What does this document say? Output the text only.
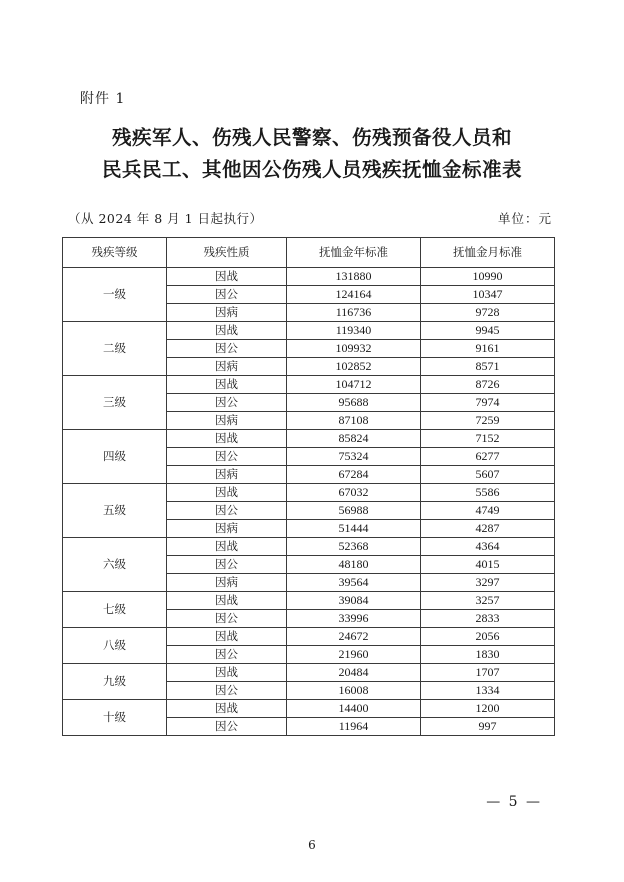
附件 1
残疾军人、伤残人民警察、伤残预备役人员和
民兵民工、其他因公伤残人员残疾抚恤金标准表
（从 2024 年 8 月 1 日起执行）	单位：元
残疾等级	残疾性质	抚恤金年标准	抚恤金月标准
一级	因战	131880	10990
	因公	124164	10347
	因病	116736	9728
二级	因战	119340	9945
	因公	109932	9161
	因病	102852	8571
三级	因战	104712	8726
	因公	95688	7974
	因病	87108	7259
四级	因战	85824	7152
	因公	75324	6277
	因病	67284	5607
五级	因战	67032	5586
	因公	56988	4749
	因病	51444	4287
六级	因战	52368	4364
	因公	48180	4015
	因病	39564	3297
七级	因战	39084	3257
	因公	33996	2833
八级	因战	24672	2056
	因公	21960	1830
九级	因战	20484	1707
	因公	16008	1334
十级	因战	14400	1200
	因公	11964	997
— 5 —
6
